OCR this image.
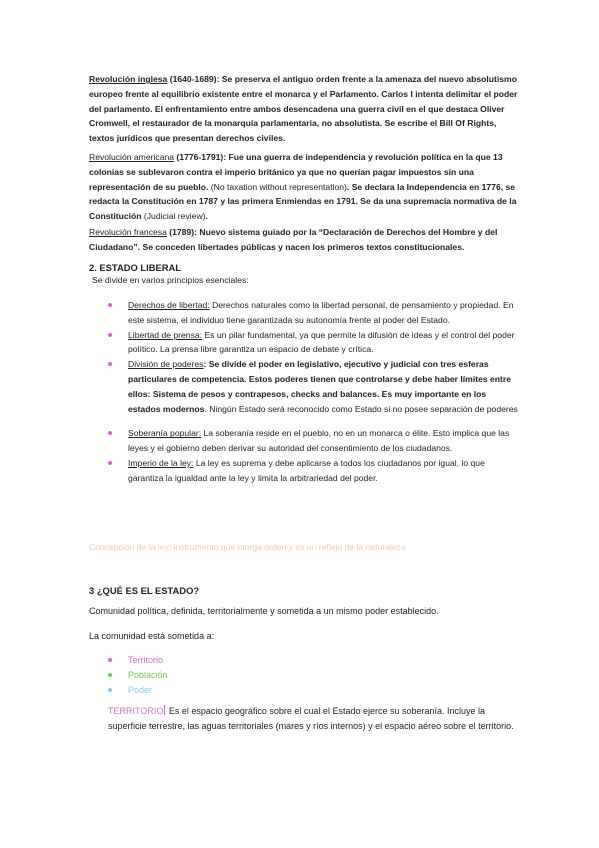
Revolución inglesa (1640-1689): Se preserva el antiguo orden frente a la amenaza del nuevo absolutismo europeo frente al equilibrio existente entre el monarca y el Parlamento. Carlos I intenta delimitar el poder del parlamento. El enfrentamiento entre ambos desencadena una guerra civil en el que destaca Oliver Cromwell, el restaurador de la monarquía parlamentaria, no absolutista. Se escribe el Bill Of Rights, textos jurídicos que presentan derechos civiles.

Revolución americana (1776-1791): Fue una guerra de independencia y revolución política en la que 13 colonias se sublevaron contra el imperio británico ya que no querían pagar impuestos sin una representación de su pueblo. (No taxation without representation). Se declara la Independencia en 1776, se redacta la Constitución en 1787 y las primera Enmiendas en 1791. Se da una supremacía normativa de la Constitución (Judicial review).

Revolución francesa (1789): Nuevo sistema guiado por la “Declaración de Derechos del Hombre y del Ciudadano”. Se conceden libertades públicas y nacen los primeros textos constitucionales.

2. ESTADO LIBERAL

Se divide en varios principios esenciales:

Derechos de libertad: Derechos naturales como la libertad personal, de pensamiento y propiedad. En este sistema, el individuo tiene garantizada su autonomía frente al poder del Estado.
Libertad de prensa: Es un pilar fundamental, ya que permite la difusión de ideas y el control del poder político. La prensa libre garantiza un espacio de debate y crítica.
División de poderes: Se divide el poder en legislativo, ejecutivo y judicial con tres esferas particulares de competencia. Estos poderes tienen que controlarse y debe haber límites entre ellos: Sistema de pesos y contrapesos, checks and balances. Es muy importante en los estados modernos. Ningún Estado será reconocido como Estado si no posee separación de poderes
Soberanía popular: La soberanía reside en el pueblo, no en un monarca o élite. Esto implica que las leyes y el gobierno deben derivar su autoridad del consentimiento de los ciudadanos.
Imperio de la ley: La ley es suprema y debe aplicarse a todos los ciudadanos por igual, lo que garantiza la igualdad ante la ley y limita la arbitrariedad del poder.

Concepción de la ley: instrumento que otorga orden y es un reflejo de la naturaleza

3 ¿QUÉ ES EL ESTADO?

Comunidad política, definida, territorialmente y sometida a un mismo poder establecido.

La comunidad está sometida a:

Territorio
Población
Poder

TERRITORIO Es el espacio geográfico sobre el cual el Estado ejerce su soberanía. Incluye la superficie terrestre, las aguas territoriales (mares y ríos internos) y el espacio aéreo sobre el territorio.
